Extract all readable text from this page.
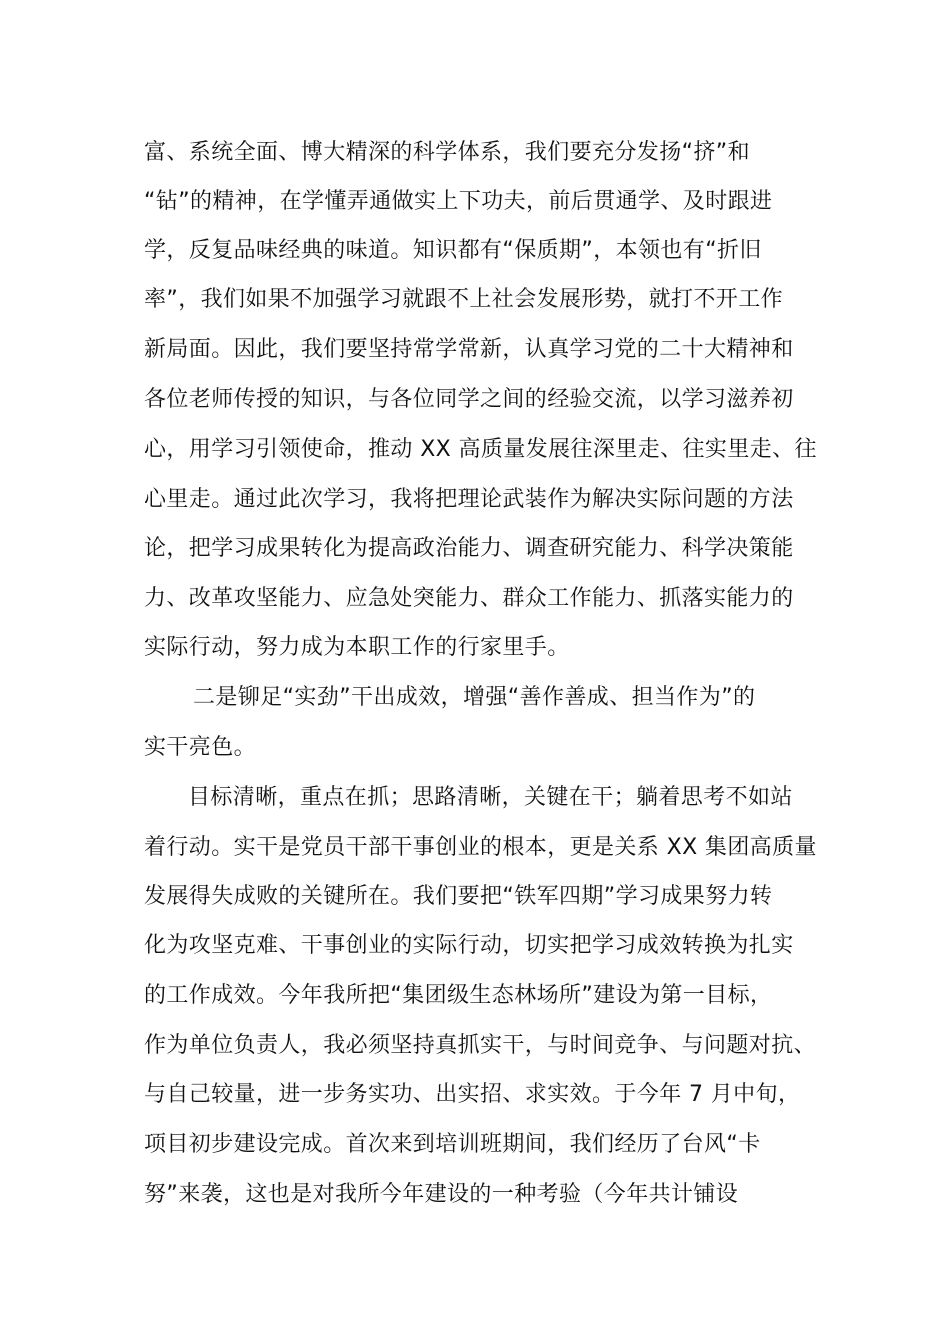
富、系统全面、博大精深的科学体系，我们要充分发扬“挤”和
“钻”的精神，在学懂弄通做实上下功夫，前后贯通学、及时跟进
学，反复品味经典的味道。知识都有“保质期”，本领也有“折旧
率”，我们如果不加强学习就跟不上社会发展形势，就打不开工作
新局面。因此，我们要坚持常学常新，认真学习党的二十大精神和
各位老师传授的知识，与各位同学之间的经验交流，以学习滋养初
心，用学习引领使命，推动 XX 高质量发展往深里走、往实里走、往
心里走。通过此次学习，我将把理论武装作为解决实际问题的方法
论，把学习成果转化为提高政治能力、调查研究能力、科学决策能
力、改革攻坚能力、应急处突能力、群众工作能力、抓落实能力的
实际行动，努力成为本职工作的行家里手。
二是铆足“实劲”干出成效，增强“善作善成、担当作为”的
实干亮色。
目标清晰，重点在抓；思路清晰，关键在干；躺着思考不如站
着行动。实干是党员干部干事创业的根本，更是关系 XX 集团高质量
发展得失成败的关键所在。我们要把“铁军四期”学习成果努力转
化为攻坚克难、干事创业的实际行动，切实把学习成效转换为扎实
的工作成效。今年我所把“集团级生态林场所”建设为第一目标，
作为单位负责人，我必须坚持真抓实干，与时间竞争、与问题对抗、
与自己较量，进一步务实功、出实招、求实效。于今年 7 月中旬，
项目初步建设完成。首次来到培训班期间，我们经历了台风“卡
努”来袭，这也是对我所今年建设的一种考验（今年共计铺设
